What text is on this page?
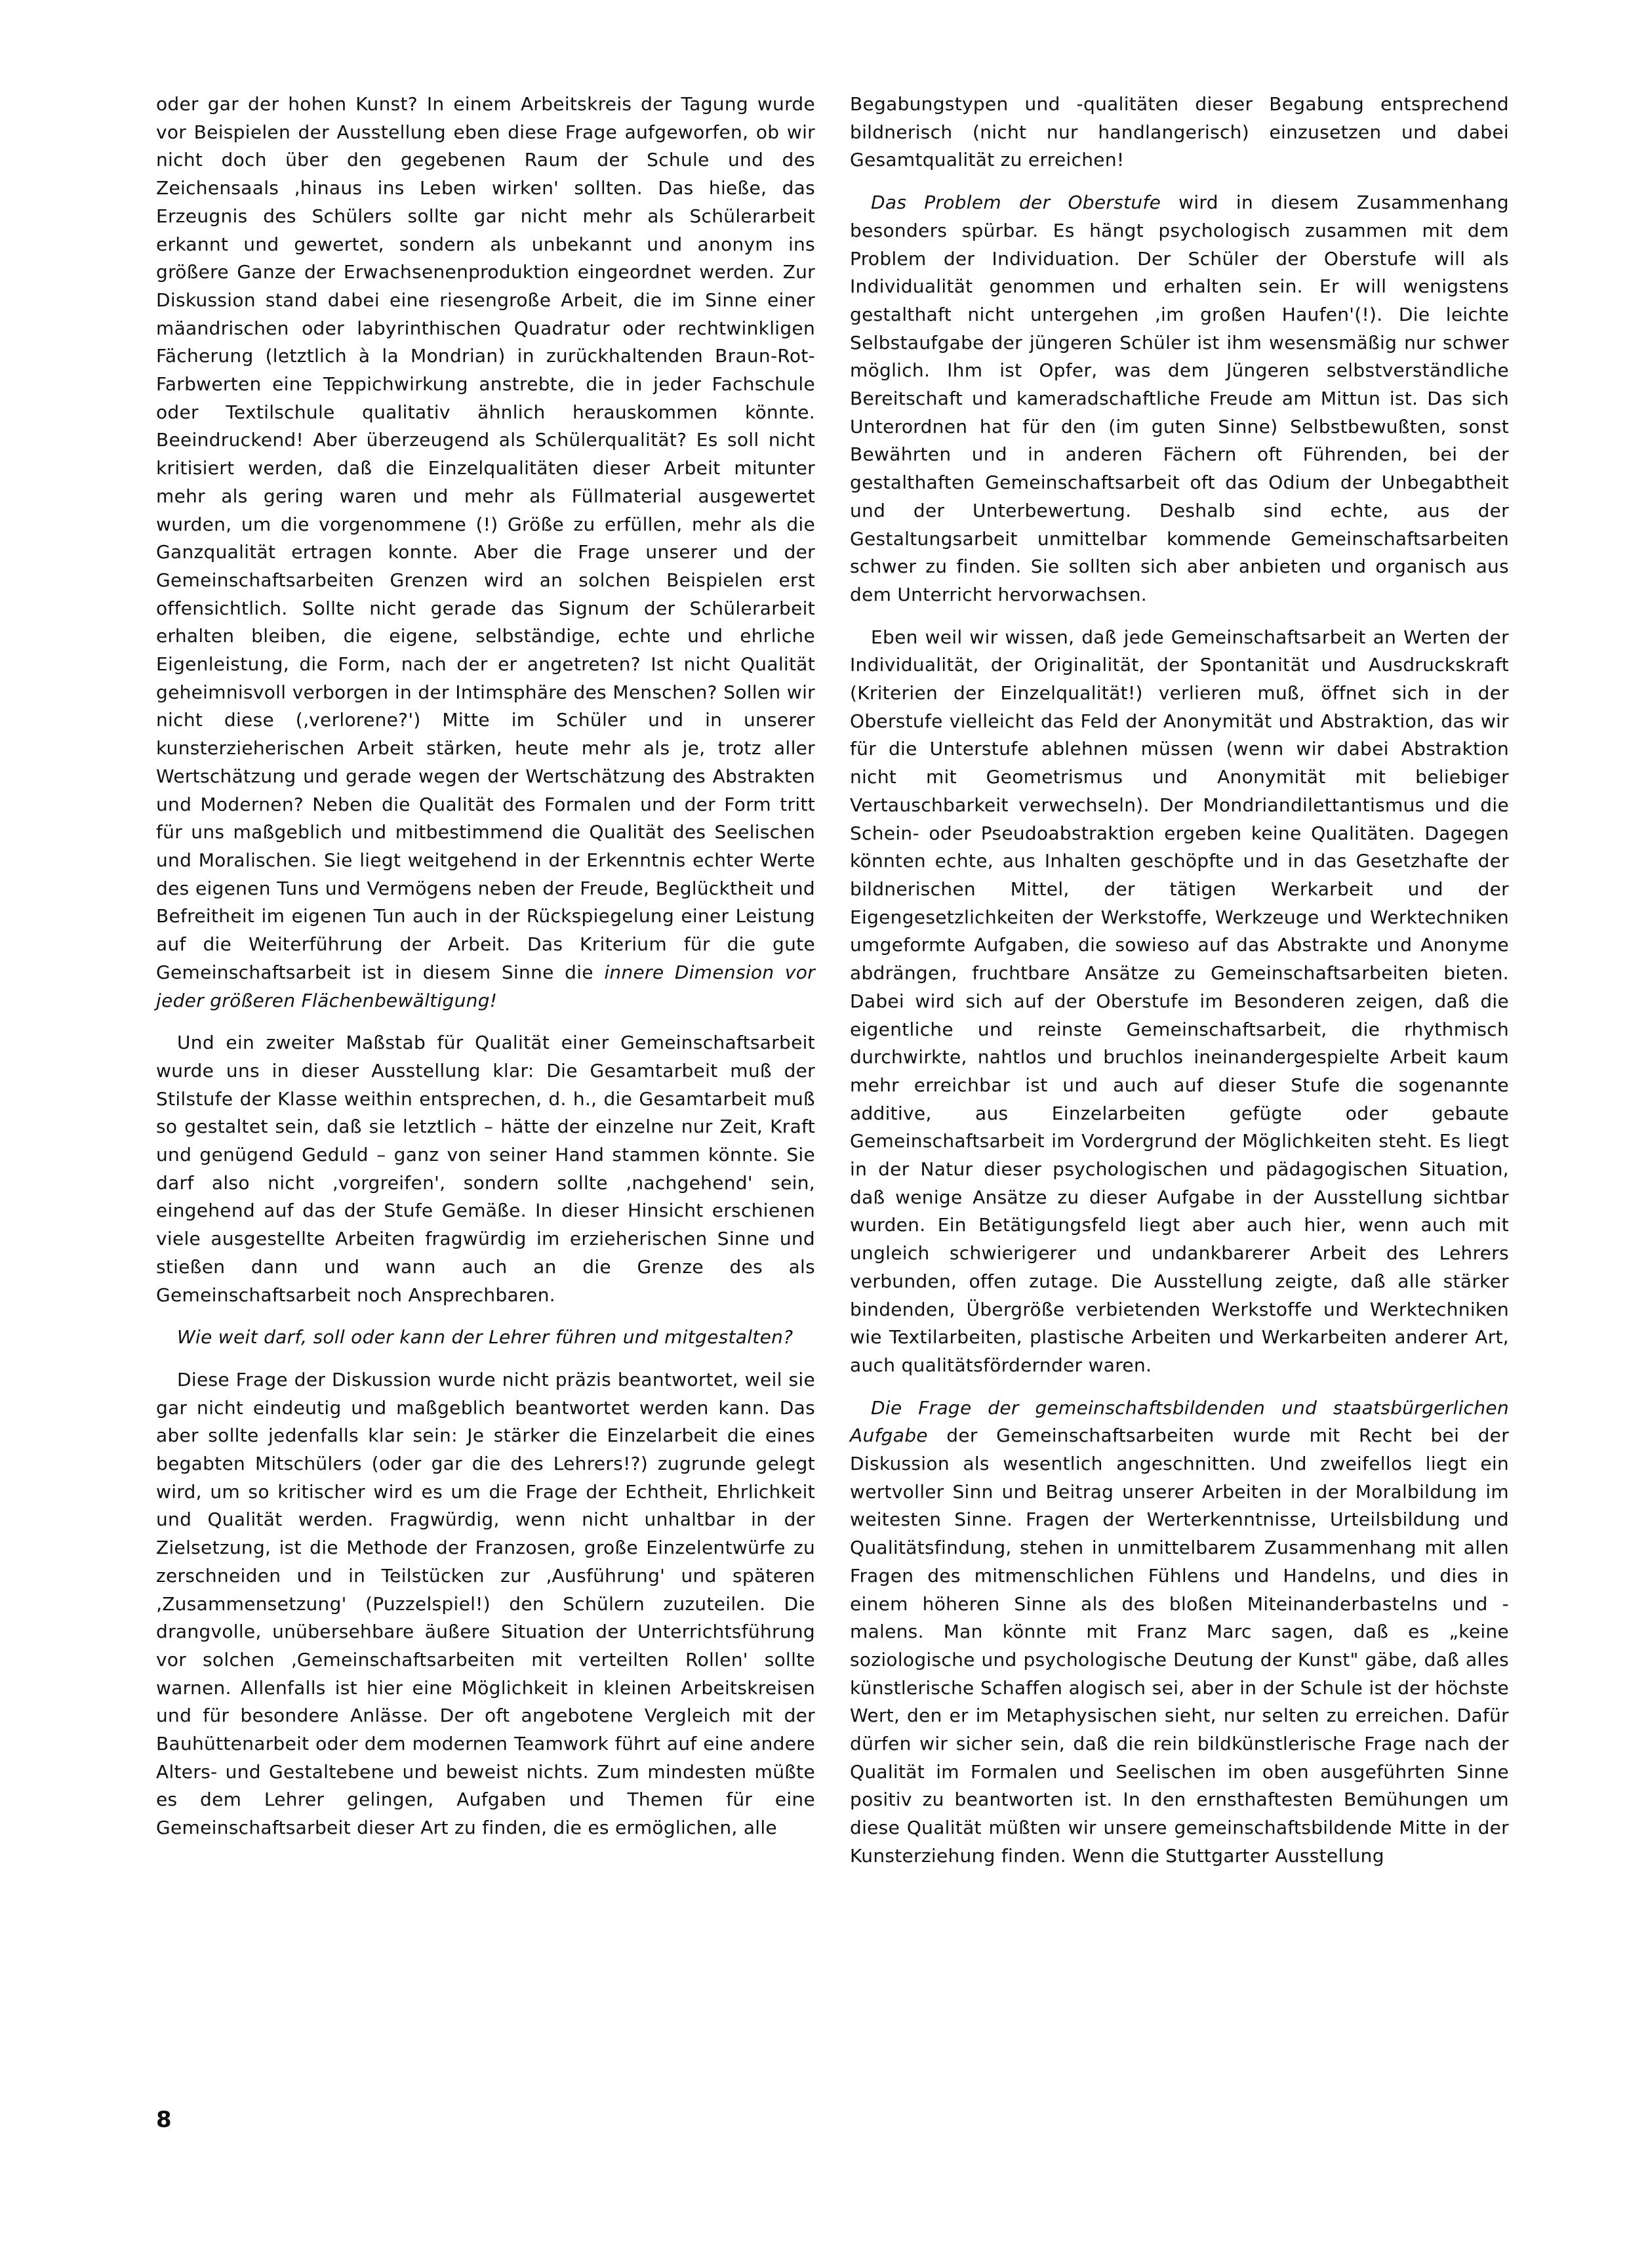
oder gar der hohen Kunst? In einem Arbeitskreis der Tagung wurde vor Beispielen der Ausstellung eben diese Frage aufgeworfen, ob wir nicht doch über den gegebenen Raum der Schule und des Zeichensaals ‚hinaus ins Leben wirken' sollten. Das hieße, das Erzeugnis des Schülers sollte gar nicht mehr als Schülerarbeit erkannt und gewertet, sondern als unbekannt und anonym ins größere Ganze der Erwachsenenproduktion eingeordnet werden. Zur Diskussion stand dabei eine riesengroße Arbeit, die im Sinne einer mäandrischen oder labyrinthischen Quadratur oder rechtwinkligen Fächerung (letztlich à la Mondrian) in zurückhaltenden Braun-Rot-Farbwerten eine Teppichwirkung anstrebte, die in jeder Fachschule oder Textilschule qualitativ ähnlich herauskommen könnte. Beeindruckend! Aber überzeugend als Schülerqualität? Es soll nicht kritisiert werden, daß die Einzelqualitäten dieser Arbeit mitunter mehr als gering waren und mehr als Füllmaterial ausgewertet wurden, um die vorgenommene (!) Größe zu erfüllen, mehr als die Ganzqualität ertragen konnte. Aber die Frage unserer und der Gemeinschaftsarbeiten Grenzen wird an solchen Beispielen erst offensichtlich. Sollte nicht gerade das Signum der Schülerarbeit erhalten bleiben, die eigene, selbständige, echte und ehrliche Eigenleistung, die Form, nach der er angetreten? Ist nicht Qualität geheimnisvoll verborgen in der Intimsphäre des Menschen? Sollen wir nicht diese (‚verlorene?') Mitte im Schüler und in unserer kunsterzieherischen Arbeit stärken, heute mehr als je, trotz aller Wertschätzung und gerade wegen der Wertschätzung des Abstrakten und Modernen? Neben die Qualität des Formalen und der Form tritt für uns maßgeblich und mitbestimmend die Qualität des Seelischen und Moralischen. Sie liegt weitgehend in der Erkenntnis echter Werte des eigenen Tuns und Vermögens neben der Freude, Beglücktheit und Befreitheit im eigenen Tun auch in der Rückspiegelung einer Leistung auf die Weiterführung der Arbeit. Das Kriterium für die gute Gemeinschaftsarbeit ist in diesem Sinne die innere Dimension vor jeder größeren Flächenbewältigung!

Und ein zweiter Maßstab für Qualität einer Gemeinschaftsarbeit wurde uns in dieser Ausstellung klar: Die Gesamtarbeit muß der Stilstufe der Klasse weithin entsprechen, d. h., die Gesamtarbeit muß so gestaltet sein, daß sie letztlich – hätte der einzelne nur Zeit, Kraft und genügend Geduld – ganz von seiner Hand stammen könnte. Sie darf also nicht ‚vorgreifen', sondern sollte ‚nachgehend' sein, eingehend auf das der Stufe Gemäße. In dieser Hinsicht erschienen viele ausgestellte Arbeiten fragwürdig im erzieherischen Sinne und stießen dann und wann auch an die Grenze des als Gemeinschaftsarbeit noch Ansprechbaren.

Wie weit darf, soll oder kann der Lehrer führen und mitgestalten?

Diese Frage der Diskussion wurde nicht präzis beantwortet, weil sie gar nicht eindeutig und maßgeblich beantwortet werden kann. Das aber sollte jedenfalls klar sein: Je stärker die Einzelarbeit die eines begabten Mitschülers (oder gar die des Lehrers!?) zugrunde gelegt wird, um so kritischer wird es um die Frage der Echtheit, Ehrlichkeit und Qualität werden. Fragwürdig, wenn nicht unhaltbar in der Zielsetzung, ist die Methode der Franzosen, große Einzelentwürfe zu zerschneiden und in Teilstücken zur ‚Ausführung' und späteren ‚Zusammensetzung' (Puzzelspiel!) den Schülern zuzuteilen. Die drangvolle, unübersehbare äußere Situation der Unterrichtsführung vor solchen ‚Gemeinschaftsarbeiten mit verteilten Rollen' sollte warnen. Allenfalls ist hier eine Möglichkeit in kleinen Arbeitskreisen und für besondere Anlässe. Der oft angebotene Vergleich mit der Bauhüttenarbeit oder dem modernen Teamwork führt auf eine andere Alters- und Gestaltebene und beweist nichts. Zum mindesten müßte es dem Lehrer gelingen, Aufgaben und Themen für eine Gemeinschaftsarbeit dieser Art zu finden, die es ermöglichen, alle

Begabungstypen und -qualitäten dieser Begabung entsprechend bildnerisch (nicht nur handlangerisch) einzusetzen und dabei Gesamtqualität zu erreichen!

Das Problem der Oberstufe wird in diesem Zusammenhang besonders spürbar. Es hängt psychologisch zusammen mit dem Problem der Individuation. Der Schüler der Oberstufe will als Individualität genommen und erhalten sein. Er will wenigstens gestalthaft nicht untergehen ‚im großen Haufen'(!). Die leichte Selbstaufgabe der jüngeren Schüler ist ihm wesensmäßig nur schwer möglich. Ihm ist Opfer, was dem Jüngeren selbstverständliche Bereitschaft und kameradschaftliche Freude am Mittun ist. Das sich Unterordnen hat für den (im guten Sinne) Selbstbewußten, sonst Bewährten und in anderen Fächern oft Führenden, bei der gestalthaften Gemeinschaftsarbeit oft das Odium der Unbegabtheit und der Unterbewertung. Deshalb sind echte, aus der Gestaltungsarbeit unmittelbar kommende Gemeinschaftsarbeiten schwer zu finden. Sie sollten sich aber anbieten und organisch aus dem Unterricht hervorwachsen.

Eben weil wir wissen, daß jede Gemeinschaftsarbeit an Werten der Individualität, der Originalität, der Spontanität und Ausdruckskraft (Kriterien der Einzelqualität!) verlieren muß, öffnet sich in der Oberstufe vielleicht das Feld der Anonymität und Abstraktion, das wir für die Unterstufe ablehnen müssen (wenn wir dabei Abstraktion nicht mit Geometrismus und Anonymität mit beliebiger Vertauschbarkeit verwechseln). Der Mondriandilettantismus und die Schein- oder Pseudoabstraktion ergeben keine Qualitäten. Dagegen könnten echte, aus Inhalten geschöpfte und in das Gesetzhafte der bildnerischen Mittel, der tätigen Werkarbeit und der Eigengesetzlichkeiten der Werkstoffe, Werkzeuge und Werktechniken umgeformte Aufgaben, die sowieso auf das Abstrakte und Anonyme abdrängen, fruchtbare Ansätze zu Gemeinschaftsarbeiten bieten. Dabei wird sich auf der Oberstufe im Besonderen zeigen, daß die eigentliche und reinste Gemeinschaftsarbeit, die rhythmisch durchwirkte, nahtlos und bruchlos ineinandergespielte Arbeit kaum mehr erreichbar ist und auch auf dieser Stufe die sogenannte additive, aus Einzelarbeiten gefügte oder gebaute Gemeinschaftsarbeit im Vordergrund der Möglichkeiten steht. Es liegt in der Natur dieser psychologischen und pädagogischen Situation, daß wenige Ansätze zu dieser Aufgabe in der Ausstellung sichtbar wurden. Ein Betätigungsfeld liegt aber auch hier, wenn auch mit ungleich schwierigerer und undankbarerer Arbeit des Lehrers verbunden, offen zutage. Die Ausstellung zeigte, daß alle stärker bindenden, Übergröße verbietenden Werkstoffe und Werktechniken wie Textilarbeiten, plastische Arbeiten und Werkarbeiten anderer Art, auch qualitätsfördernder waren.

Die Frage der gemeinschaftsbildenden und staatsbürgerlichen Aufgabe der Gemeinschaftsarbeiten wurde mit Recht bei der Diskussion als wesentlich angeschnitten. Und zweifellos liegt ein wertvoller Sinn und Beitrag unserer Arbeiten in der Moralbildung im weitesten Sinne. Fragen der Werterkenntnisse, Urteilsbildung und Qualitätsfindung, stehen in unmittelbarem Zusammenhang mit allen Fragen des mitmenschlichen Fühlens und Handelns, und dies in einem höheren Sinne als des bloßen Miteinanderbastelns und -malens. Man könnte mit Franz Marc sagen, daß es „keine soziologische und psychologische Deutung der Kunst" gäbe, daß alles künstlerische Schaffen alogisch sei, aber in der Schule ist der höchste Wert, den er im Metaphysischen sieht, nur selten zu erreichen. Dafür dürfen wir sicher sein, daß die rein bildkünstlerische Frage nach der Qualität im Formalen und Seelischen im oben ausgeführten Sinne positiv zu beantworten ist. In den ernsthaftesten Bemühungen um diese Qualität müßten wir unsere gemeinschaftsbildende Mitte in der Kunsterziehung finden. Wenn die Stuttgarter Ausstellung

8
